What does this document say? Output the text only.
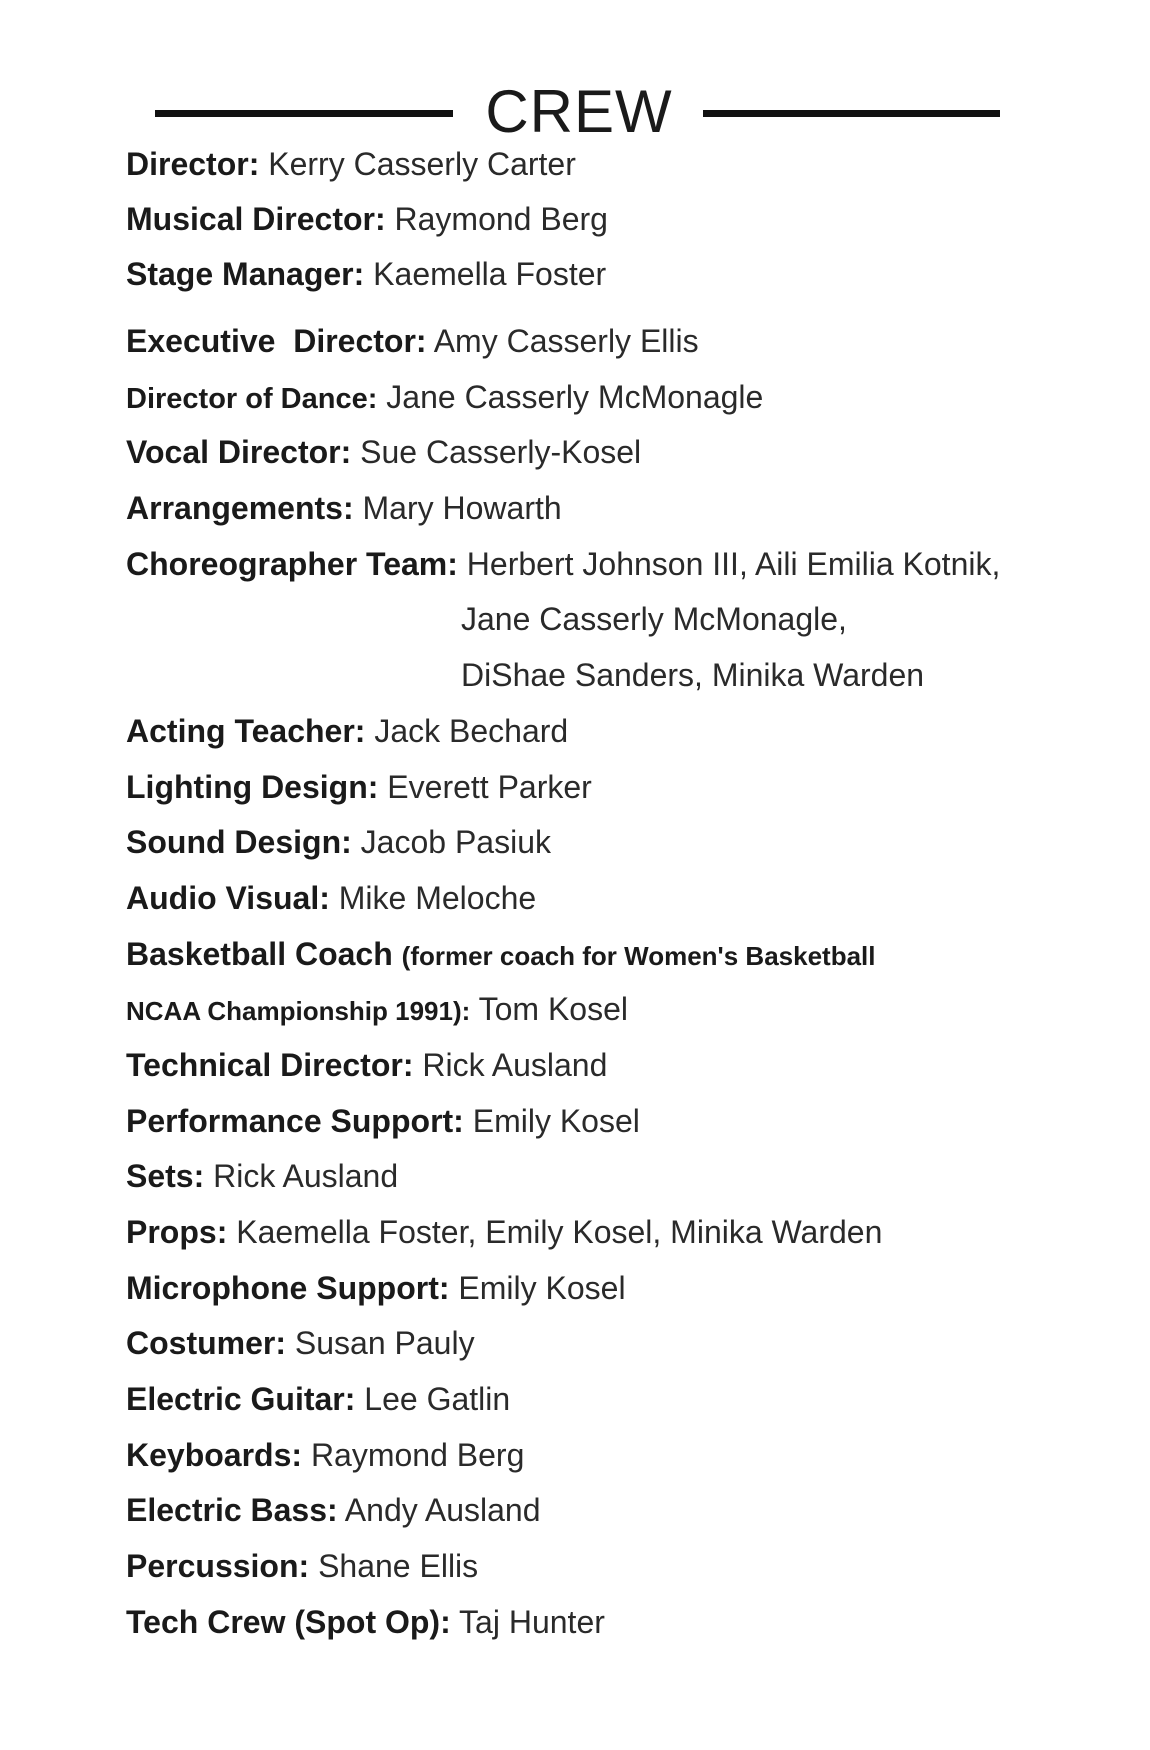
CREW
Director: Kerry Casserly Carter
Musical Director: Raymond Berg
Stage Manager: Kaemella Foster
Executive  Director: Amy Casserly Ellis
Director of Dance: Jane Casserly McMonagle
Vocal Director: Sue Casserly-Kosel
Arrangements: Mary Howarth
Choreographer Team: Herbert Johnson III, Aili Emilia Kotnik,
Jane Casserly McMonagle,
DiShae Sanders, Minika Warden
Acting Teacher: Jack Bechard
Lighting Design: Everett Parker
Sound Design: Jacob Pasiuk
Audio Visual: Mike Meloche
Basketball Coach (former coach for Women's Basketball
NCAA Championship 1991): Tom Kosel
Technical Director: Rick Ausland
Performance Support: Emily Kosel
Sets: Rick Ausland
Props: Kaemella Foster, Emily Kosel, Minika Warden
Microphone Support: Emily Kosel
Costumer: Susan Pauly
Electric Guitar: Lee Gatlin
Keyboards: Raymond Berg
Electric Bass: Andy Ausland
Percussion: Shane Ellis
Tech Crew (Spot Op): Taj Hunter
